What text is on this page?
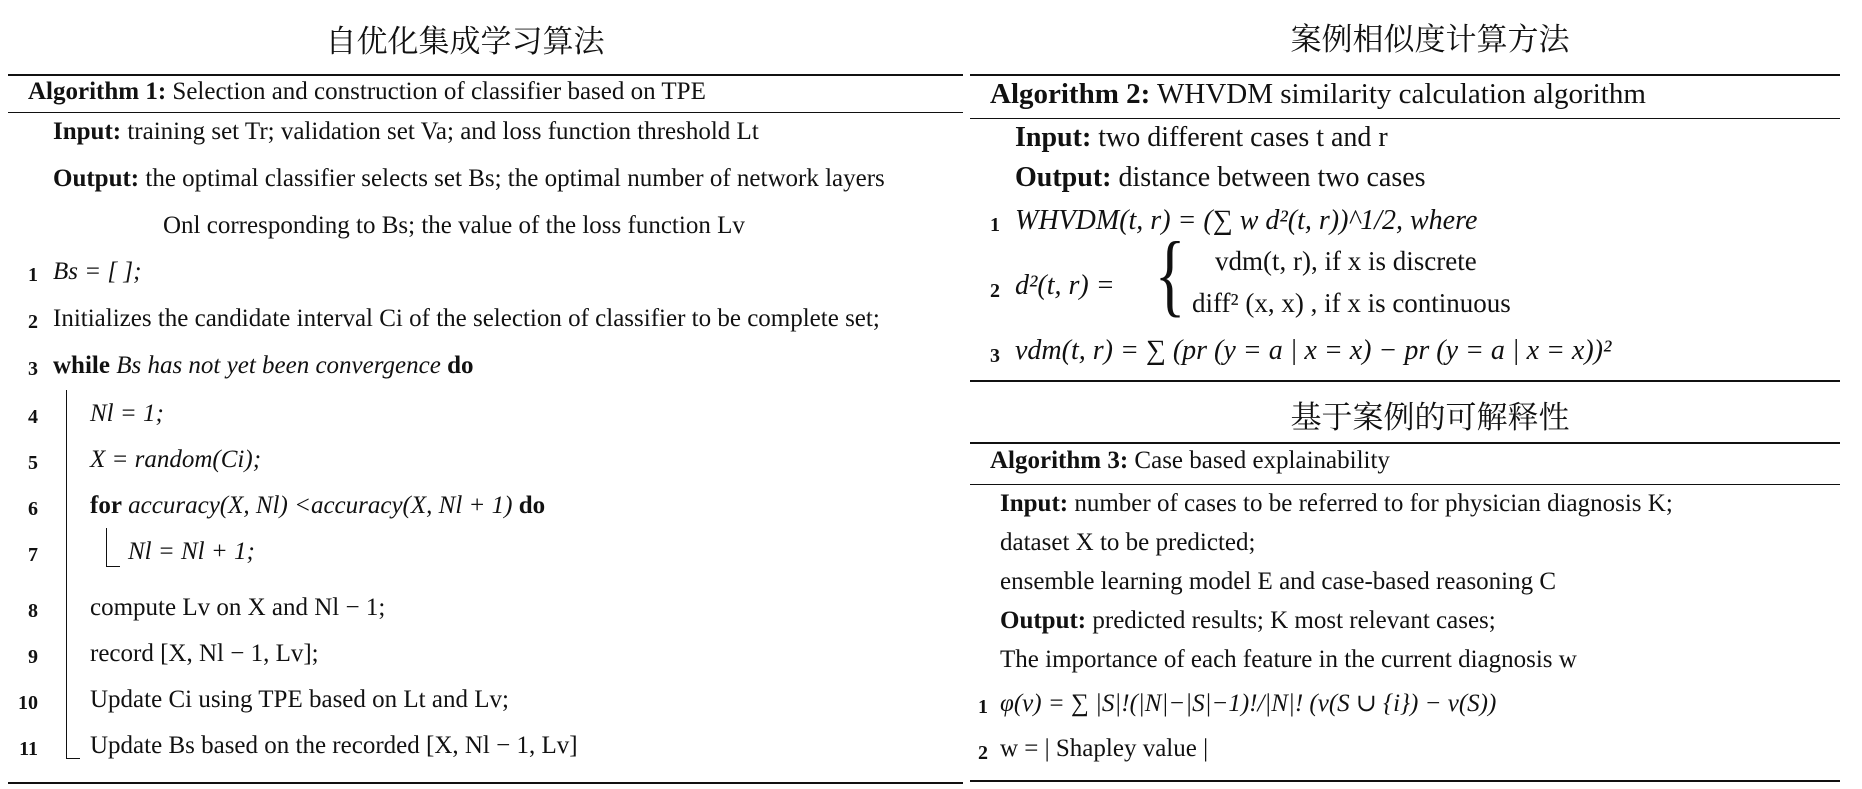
自优化集成学习算法	案例相似度计算方法
基于案例的可解释性
Algorithm 1: Selection and construction of classifier based on TPE
Input: training set Tr; validation set Va; and loss function threshold Lt
Output: the optimal classifier selects set Bs; the optimal number of network layers
Onl corresponding to Bs; the value of the loss function Lv
1 Bs = [ ];
2 Initializes the candidate interval Ci of the selection of classifier to be complete set;
3 while Bs has not yet been convergence do
4 Nl = 1;
5 X = random(Ci);
6 for accuracy(X, Nl) <accuracy(X, Nl + 1) do
7	Nl = Nl + 1;
8 compute Lv on X and Nl − 1;
9 record [X, Nl − 1, Lv];
10 Update Ci using TPE based on Lt and Lv;
11 Update Bs based on the recorded [X, Nl − 1, Lv]
Algorithm 2: WHVDM similarity calculation algorithm
Input: two different cases t and r
Output: distance between two cases
1 WHVDM(t, r) = (∑ w d²(t, r))^1/2, where
2 d²(t, r) = { vdm(t, r), if x is discrete
diff² (x, x) , if x is continuous
3 vdm(t, r) = ∑ (pr (y = a | x = x) − pr (y = a | x = x))²
Algorithm 3: Case based explainability
Input: number of cases to be referred to for physician diagnosis K;
dataset X to be predicted;
ensemble learning model E and case-based reasoning C
Output: predicted results; K most relevant cases;
The importance of each feature in the current diagnosis w
1 φ(v) = ∑ |S|!(|N|−|S|−1)!/|N|! (v(S ∪ {i}) − v(S))
2 w = | Shapley value |
